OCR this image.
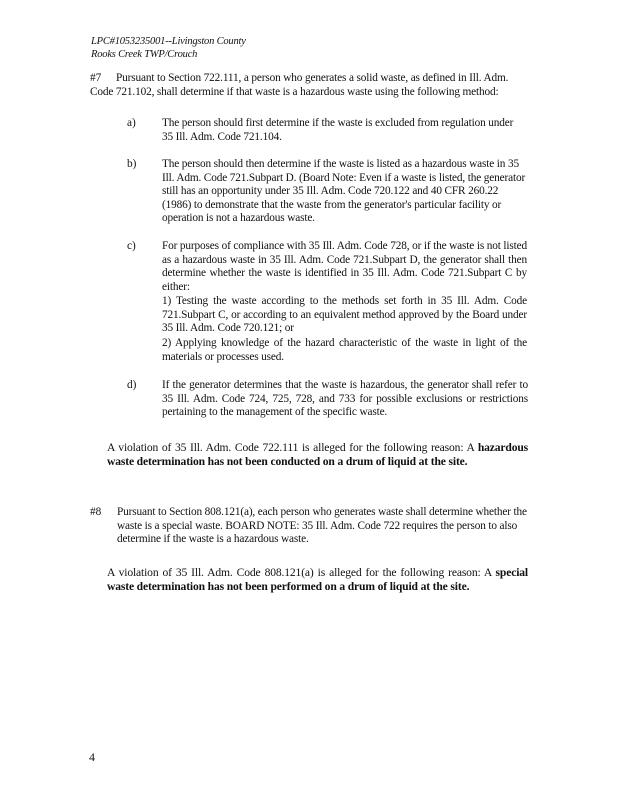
LPC#1053235001--Livingston County
Rooks Creek TWP/Crouch
#7	Pursuant to Section 722.111, a person who generates a solid waste, as defined in Ill. Adm. Code 721.102, shall determine if that waste is a hazardous waste using the following method:
a) The person should first determine if the waste is excluded from regulation under 35 Ill. Adm. Code 721.104.
b) The person should then determine if the waste is listed as a hazardous waste in 35 Ill. Adm. Code 721.Subpart D. (Board Note: Even if a waste is listed, the generator still has an opportunity under 35 Ill. Adm. Code 720.122 and 40 CFR 260.22 (1986) to demonstrate that the waste from the generator's particular facility or operation is not a hazardous waste.
c) For purposes of compliance with 35 Ill. Adm. Code 728, or if the waste is not listed as a hazardous waste in 35 Ill. Adm. Code 721.Subpart D, the generator shall then determine whether the waste is identified in 35 Ill. Adm. Code 721.Subpart C by either:
1) Testing the waste according to the methods set forth in 35 Ill. Adm. Code 721.Subpart C, or according to an equivalent method approved by the Board under 35 Ill. Adm. Code 720.121; or
2) Applying knowledge of the hazard characteristic of the waste in light of the materials or processes used.
d) If the generator determines that the waste is hazardous, the generator shall refer to 35 Ill. Adm. Code 724, 725, 728, and 733 for possible exclusions or restrictions pertaining to the management of the specific waste.
A violation of 35 Ill. Adm. Code 722.111 is alleged for the following reason: A hazardous waste determination has not been conducted on a drum of liquid at the site.
#8 Pursuant to Section 808.121(a), each person who generates waste shall determine whether the waste is a special waste. BOARD NOTE: 35 Ill. Adm. Code 722 requires the person to also determine if the waste is a hazardous waste.
A violation of 35 Ill. Adm. Code 808.121(a) is alleged for the following reason: A special waste determination has not been performed on a drum of liquid at the site.
4
